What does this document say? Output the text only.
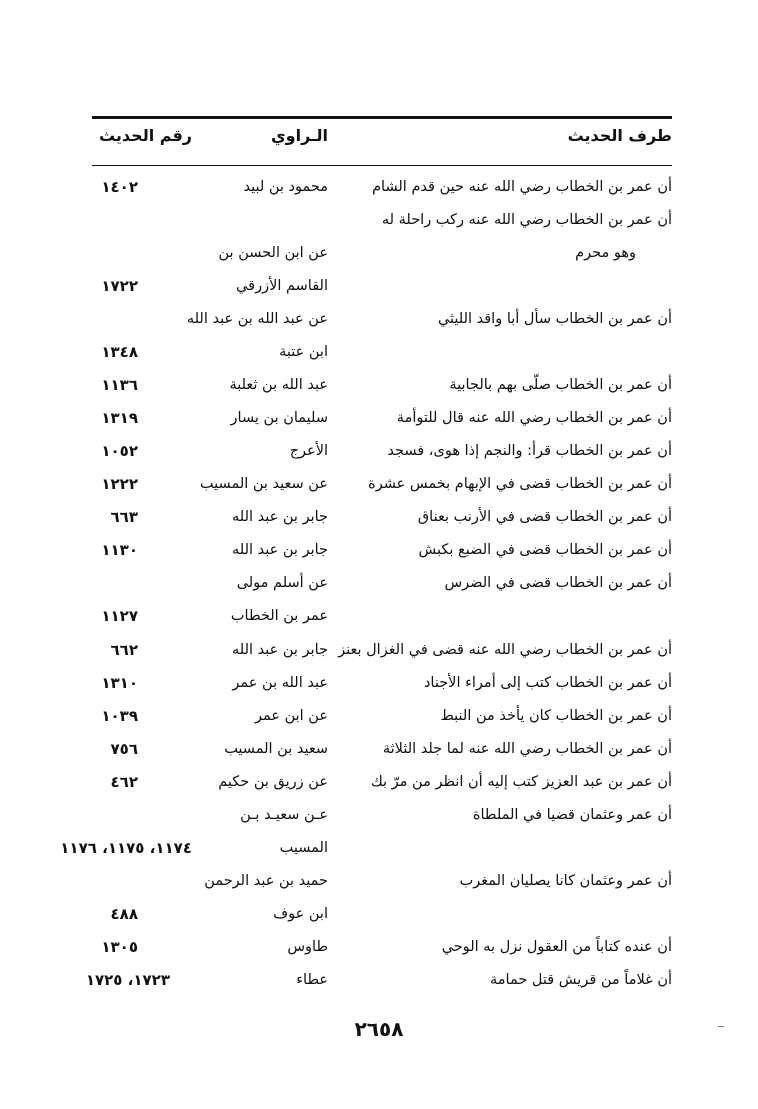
طرف الحديث
الـراوي
رقم الحديث
أن عمر بن الخطاب رضي الله عنه حين قدم الشام
محمود بن لبيد
١٤٠٢
أن عمر بن الخطاب رضي الله عنه ركب راحلة له
وهو محرم
عن ابن الحسن بن
القاسم الأزرقي
١٧٢٢
أن عمر بن الخطاب سأل أبا واقد الليثي
عن عبد الله بن عبد الله
ابن عتبة
١٣٤٨
أن عمر بن الخطاب صلّى بهم بالجابية
عبد الله بن ثعلبة
١١٣٦
أن عمر بن الخطاب رضي الله عنه قال للتوأمة
سليمان بن يسار
١٣١٩
أن عمر بن الخطاب قرأ: والنجم إذا هوى، فسجد
الأعرج
١٠٥٢
أن عمر بن الخطاب قضى في الإبهام بخمس عشرة
عن سعيد بن المسيب
١٢٢٢
أن عمر بن الخطاب قضى في الأرنب بعناق
جابر بن عبد الله
٦٦٣
أن عمر بن الخطاب قضى في الضبع بكبش
جابر بن عبد الله
١١٣٠
أن عمر بن الخطاب قضى في الضرس
عن أسلم مولى
عمر بن الخطاب
١١٢٧
أن عمر بن الخطاب رضي الله عنه قضى في الغزال بعنز
جابر بن عبد الله
٦٦٢
أن عمر بن الخطاب كتب إلى أمراء الأجناد
عبد الله بن عمر
١٣١٠
أن عمر بن الخطاب كان يأخذ من النبط
عن ابن عمر
١٠٣٩
أن عمر بن الخطاب رضي الله عنه لما جلد الثلاثة
سعيد بن المسيب
٧٥٦
أن عمر بن عبد العزيز كتب إليه أن انظر من مرّ بك
عن زريق بن حكيم
٤٦٢
أن عمر وعثمان قضيا في الملطاة
عـن سعيـد بـن
المسيب
١١٧٤، ١١٧٥، ١١٧٦
أن عمر وعثمان كانا يصليان المغرب
حميد بن عبد الرحمن
ابن عوف
٤٨٨
أن عنده كتاباً من العقول نزل به الوحي
طاوس
١٣٠٥
أن غلاماً من قريش قتل حمامة
عطاء
١٧٢٣، ١٧٢٥
٢٦٥٨
